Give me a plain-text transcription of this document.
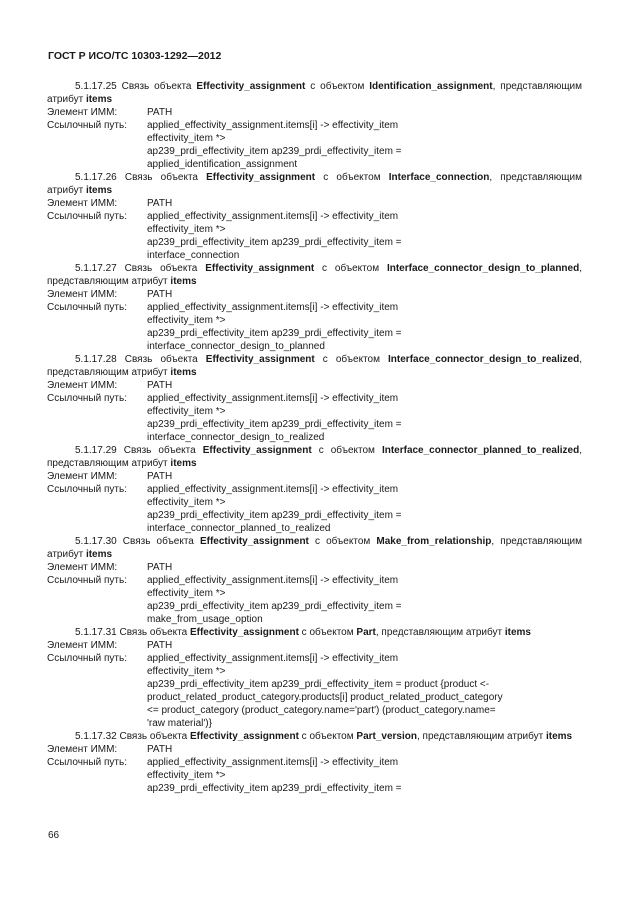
ГОСТ Р ИСО/ТС 10303-1292—2012
5.1.17.25 Связь объекта Effectivity_assignment с объектом Identification_assignment, представляющим атрибут items
Элемент ИММ:	PATH
Ссылочный путь:	applied_effectivity_assignment.items[i] -> effectivity_item
effectivity_item *>
ap239_prdi_effectivity_item ap239_prdi_effectivity_item =
applied_identification_assignment
5.1.17.26 Связь объекта Effectivity_assignment с объектом Interface_connection, представляющим атрибут items
Элемент ИММ:	PATH
Ссылочный путь:	applied_effectivity_assignment.items[i] -> effectivity_item
effectivity_item *>
ap239_prdi_effectivity_item ap239_prdi_effectivity_item =
interface_connection
5.1.17.27 Связь объекта Effectivity_assignment с объектом Interface_connector_design_to_planned, представляющим атрибут items
Элемент ИММ:	PATH
Ссылочный путь:	applied_effectivity_assignment.items[i] -> effectivity_item
effectivity_item *>
ap239_prdi_effectivity_item ap239_prdi_effectivity_item =
interface_connector_design_to_planned
5.1.17.28 Связь объекта Effectivity_assignment с объектом Interface_connector_design_to_realized, представляющим атрибут items
Элемент ИММ:	PATH
Ссылочный путь:	applied_effectivity_assignment.items[i] -> effectivity_item
effectivity_item *>
ap239_prdi_effectivity_item ap239_prdi_effectivity_item =
interface_connector_design_to_realized
5.1.17.29 Связь объекта Effectivity_assignment с объектом Interface_connector_planned_to_realized, представляющим атрибут items
Элемент ИММ:	PATH
Ссылочный путь:	applied_effectivity_assignment.items[i] -> effectivity_item
effectivity_item *>
ap239_prdi_effectivity_item ap239_prdi_effectivity_item =
interface_connector_planned_to_realized
5.1.17.30 Связь объекта Effectivity_assignment с объектом Make_from_relationship, представляющим атрибут items
Элемент ИММ:	PATH
Ссылочный путь:	applied_effectivity_assignment.items[i] -> effectivity_item
effectivity_item *>
ap239_prdi_effectivity_item ap239_prdi_effectivity_item =
make_from_usage_option
5.1.17.31 Связь объекта Effectivity_assignment с объектом Part, представляющим атрибут items
Элемент ИММ:	PATH
Ссылочный путь:	applied_effectivity_assignment.items[i] -> effectivity_item
effectivity_item *>
ap239_prdi_effectivity_item ap239_prdi_effectivity_item = product {product <-
product_related_product_category.products[i] product_related_product_category
<= product_category (product_category.name='part') (product_category.name=
'raw material')}
5.1.17.32 Связь объекта Effectivity_assignment с объектом Part_version, представляющим атрибут items
Элемент ИММ:	PATH
Ссылочный путь:	applied_effectivity_assignment.items[i] -> effectivity_item
effectivity_item *>
ap239_prdi_effectivity_item ap239_prdi_effectivity_item =
66
